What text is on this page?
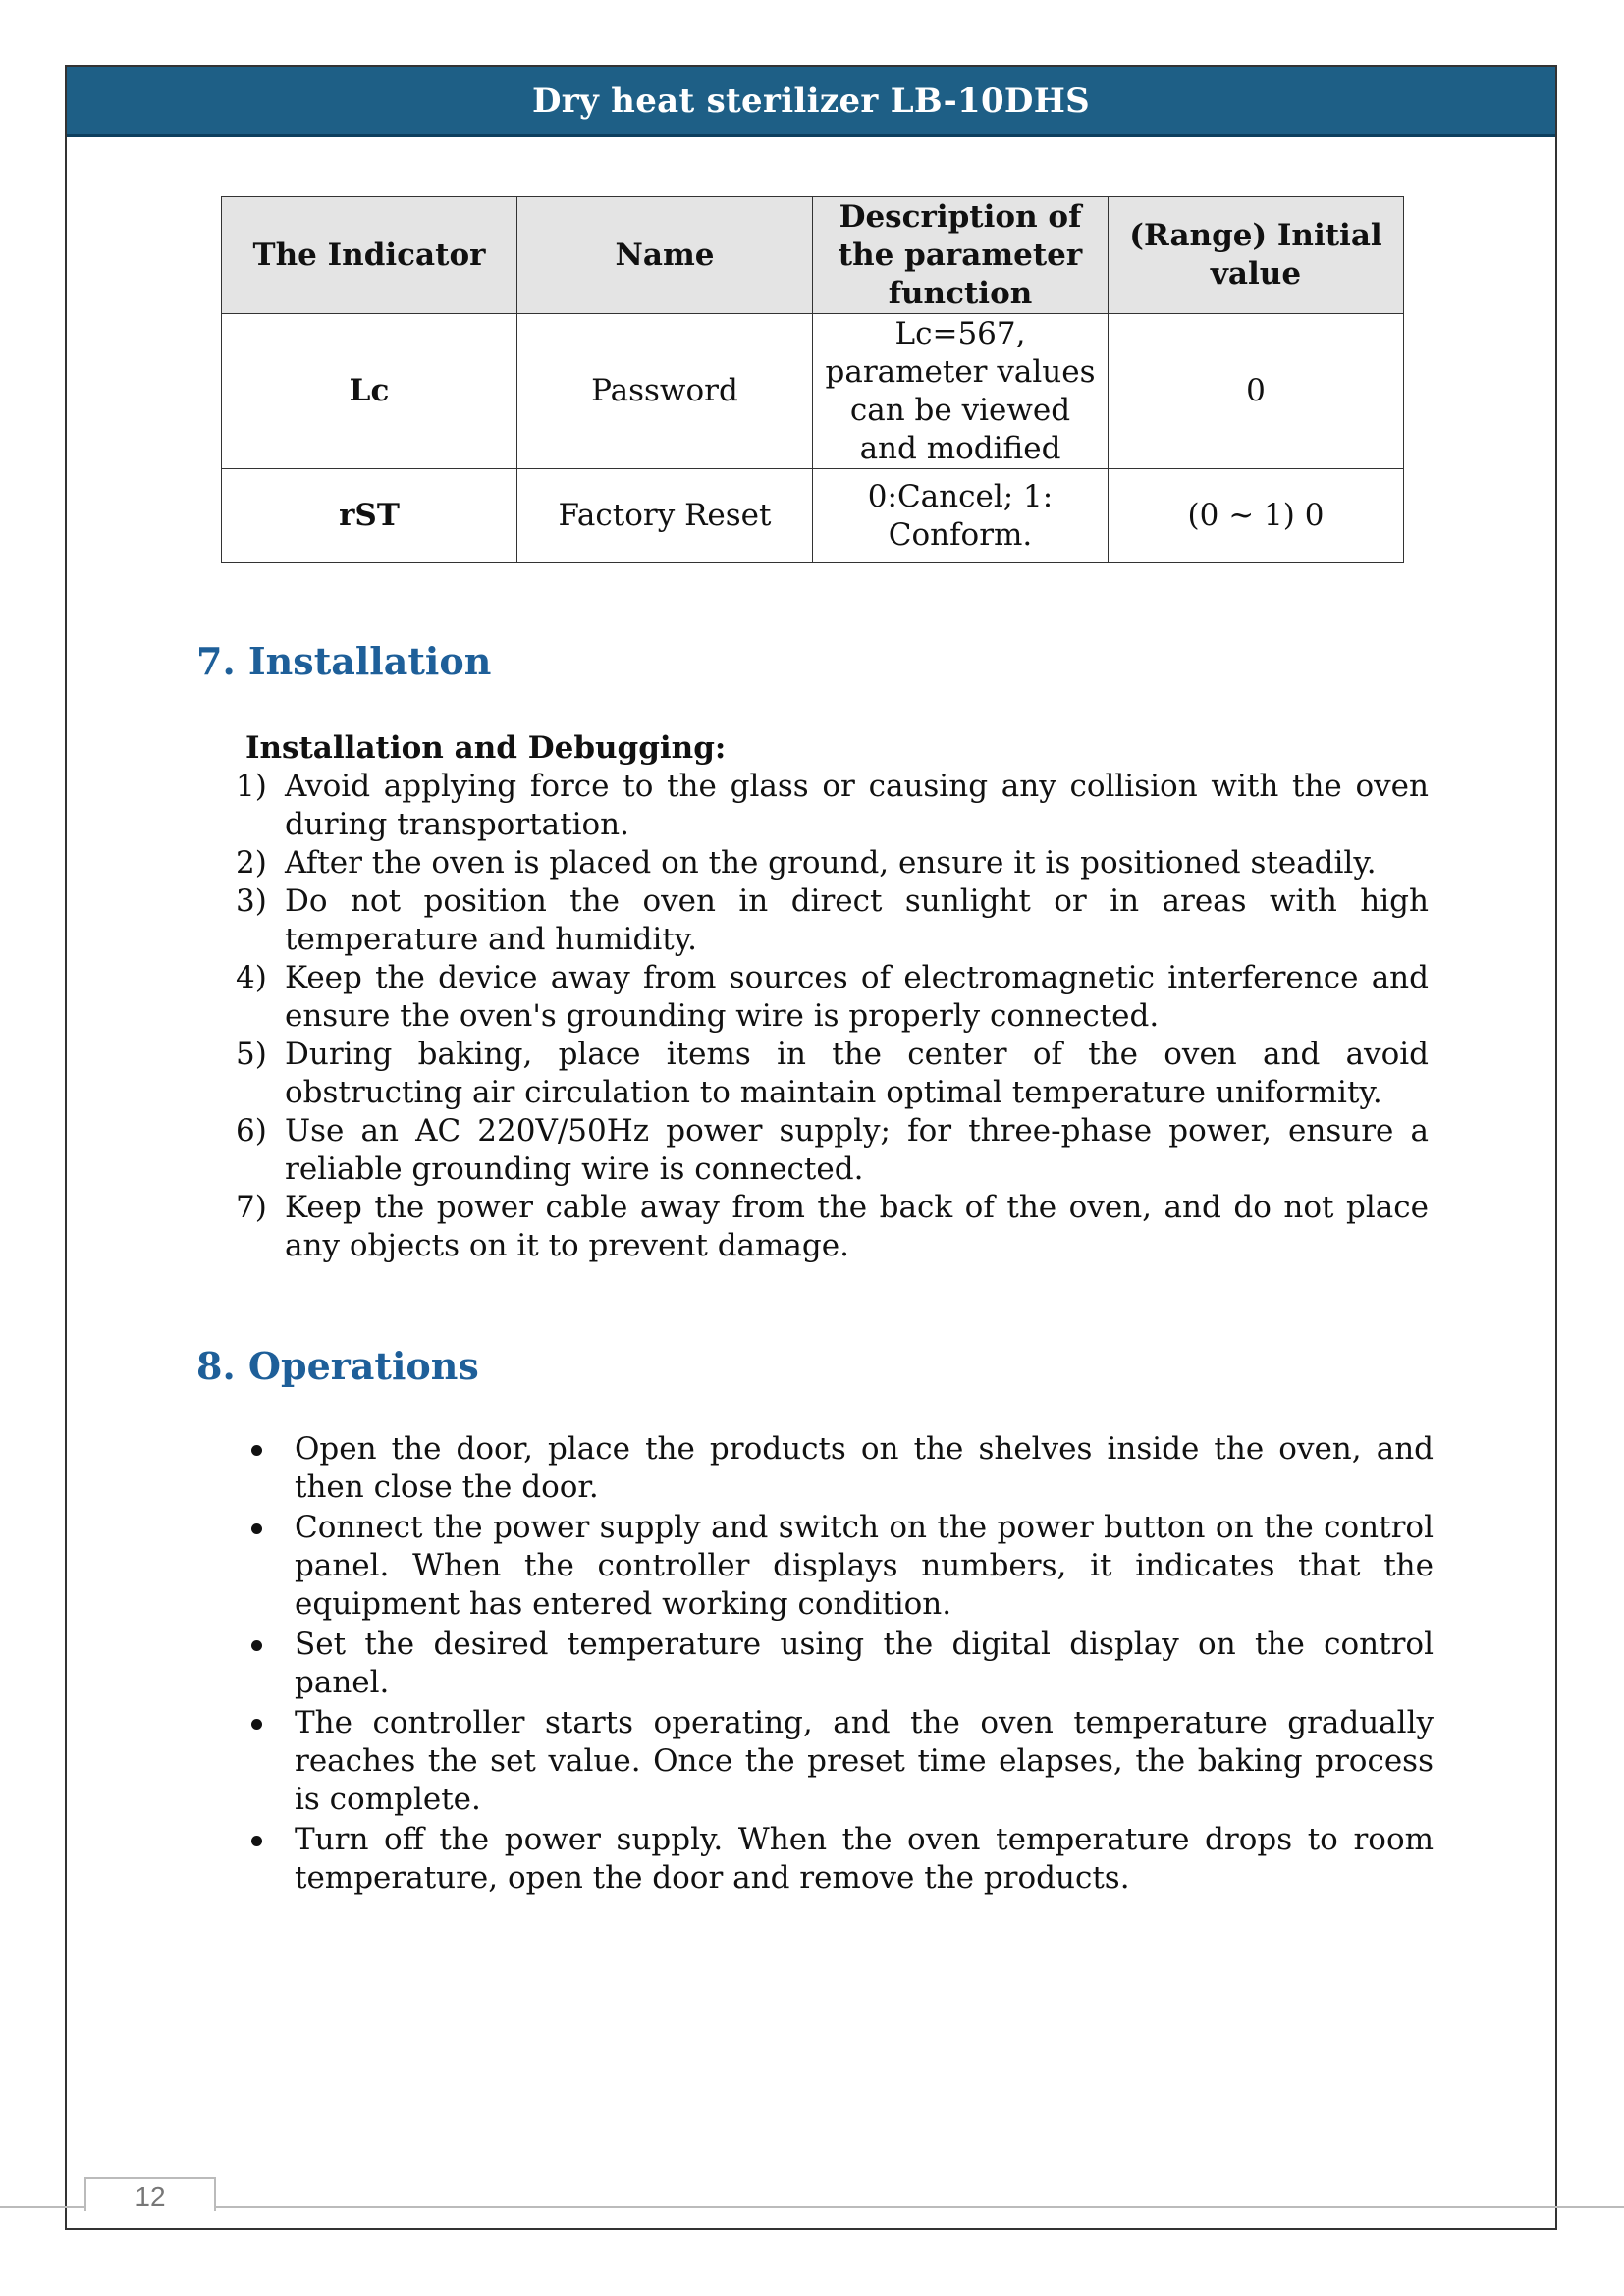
Dry heat sterilizer LB-10DHS
The Indicator	Name	Description of the parameter function	(Range) Initial value
Lc	Password	Lc=567, parameter values can be viewed and modified	0
rST	Factory Reset	0:Cancel; 1: Conform.	(0 ~ 1) 0
7. Installation
Installation and Debugging:
1) Avoid applying force to the glass or causing any collision with the oven during transportation.
2) After the oven is placed on the ground, ensure it is positioned steadily.
3) Do not position the oven in direct sunlight or in areas with high temperature and humidity.
4) Keep the device away from sources of electromagnetic interference and ensure the oven's grounding wire is properly connected.
5) During baking, place items in the center of the oven and avoid obstructing air circulation to maintain optimal temperature uniformity.
6) Use an AC 220V/50Hz power supply; for three-phase power, ensure a reliable grounding wire is connected.
7) Keep the power cable away from the back of the oven, and do not place any objects on it to prevent damage.
8. Operations
Open the door, place the products on the shelves inside the oven, and then close the door.
Connect the power supply and switch on the power button on the control panel. When the controller displays numbers, it indicates that the equipment has entered working condition.
Set the desired temperature using the digital display on the control panel.
The controller starts operating, and the oven temperature gradually reaches the set value. Once the preset time elapses, the baking process is complete.
Turn off the power supply. When the oven temperature drops to room temperature, open the door and remove the products.
12
